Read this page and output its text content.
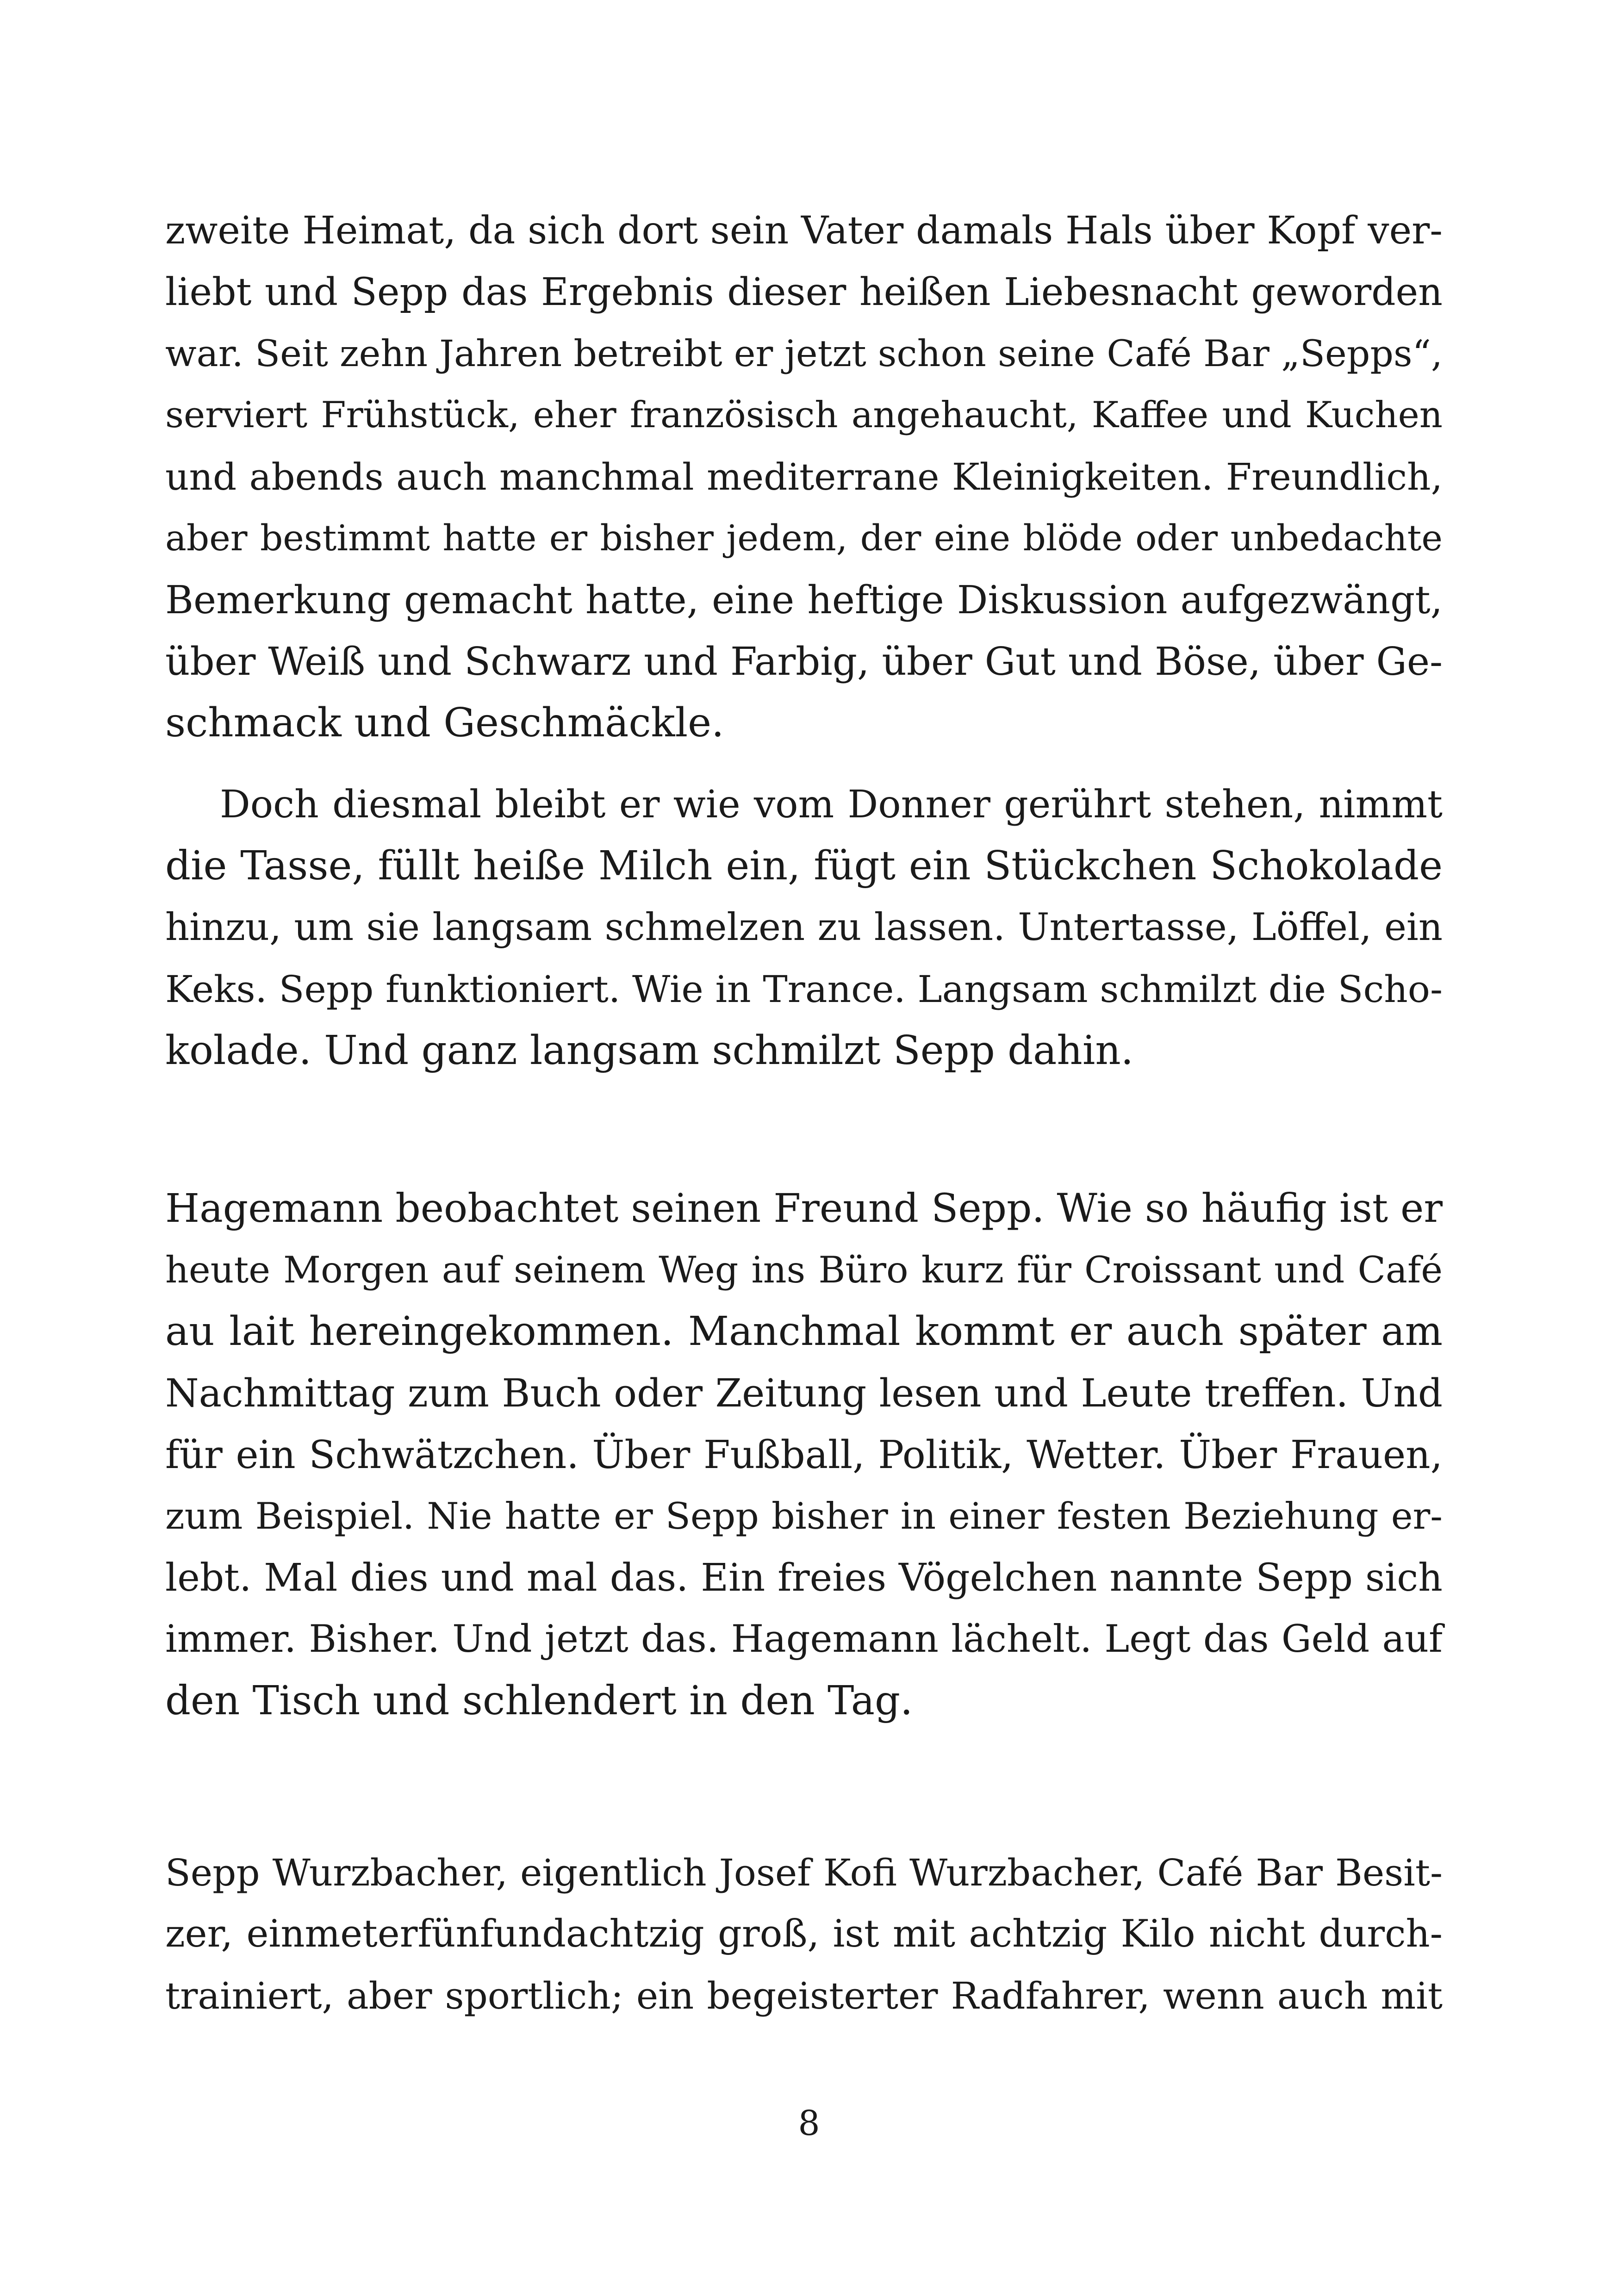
zweite Heimat, da sich dort sein Vater damals Hals über Kopf ver-
liebt und Sepp das Ergebnis dieser heißen Liebesnacht geworden
war. Seit zehn Jahren betreibt er jetzt schon seine Café Bar „Sepps“,
serviert Frühstück, eher französisch angehaucht, Kaffee und Kuchen
und abends auch manchmal mediterrane Kleinigkeiten. Freundlich,
aber bestimmt hatte er bisher jedem, der eine blöde oder unbedachte
Bemerkung gemacht hatte, eine heftige Diskussion aufgezwängt,
über Weiß und Schwarz und Farbig, über Gut und Böse, über Ge-
schmack und Geschmäckle.
Doch diesmal bleibt er wie vom Donner gerührt stehen, nimmt
die Tasse, füllt heiße Milch ein, fügt ein Stückchen Schokolade
hinzu, um sie langsam schmelzen zu lassen. Untertasse, Löffel, ein
Keks. Sepp funktioniert. Wie in Trance. Langsam schmilzt die Scho-
kolade. Und ganz langsam schmilzt Sepp dahin.
Hagemann beobachtet seinen Freund Sepp. Wie so häufig ist er
heute Morgen auf seinem Weg ins Büro kurz für Croissant und Café
au lait hereingekommen. Manchmal kommt er auch später am
Nachmittag zum Buch oder Zeitung lesen und Leute treffen. Und
für ein Schwätzchen. Über Fußball, Politik, Wetter. Über Frauen,
zum Beispiel. Nie hatte er Sepp bisher in einer festen Beziehung er-
lebt. Mal dies und mal das. Ein freies Vögelchen nannte Sepp sich
immer. Bisher. Und jetzt das. Hagemann lächelt. Legt das Geld auf
den Tisch und schlendert in den Tag.
Sepp Wurzbacher, eigentlich Josef Kofi Wurzbacher, Café Bar Besit-
zer, einmeterfünfundachtzig groß, ist mit achtzig Kilo nicht durch-
trainiert, aber sportlich; ein begeisterter Radfahrer, wenn auch mit
8
